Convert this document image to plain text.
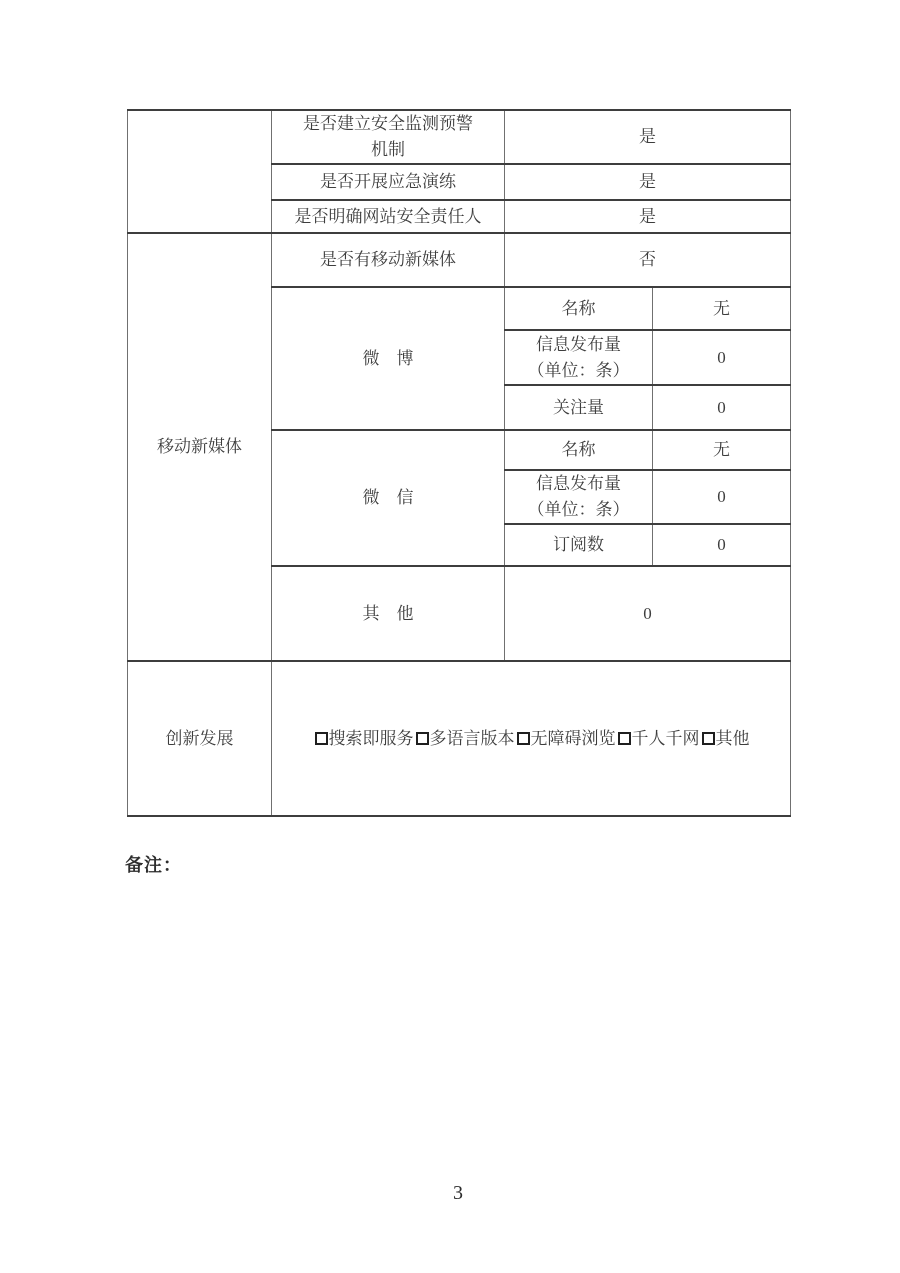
	是否建立安全监测预警
机制	是	
	是否开展应急演练	是	
	是否明确网站安全责任人	是	
移动新媒体	是否有移动新媒体	否	
	微　博	名称	无

		信息发布量
（单位：条）	0
		关注量	0
	微　信	名称	无

		信息发布量
（单位：条）	0
		订阅数	0
	其　他	0	
创新发展	搜索即服务 多语言版本 无障碍浏览 千人千网 其他		
备注：
3
